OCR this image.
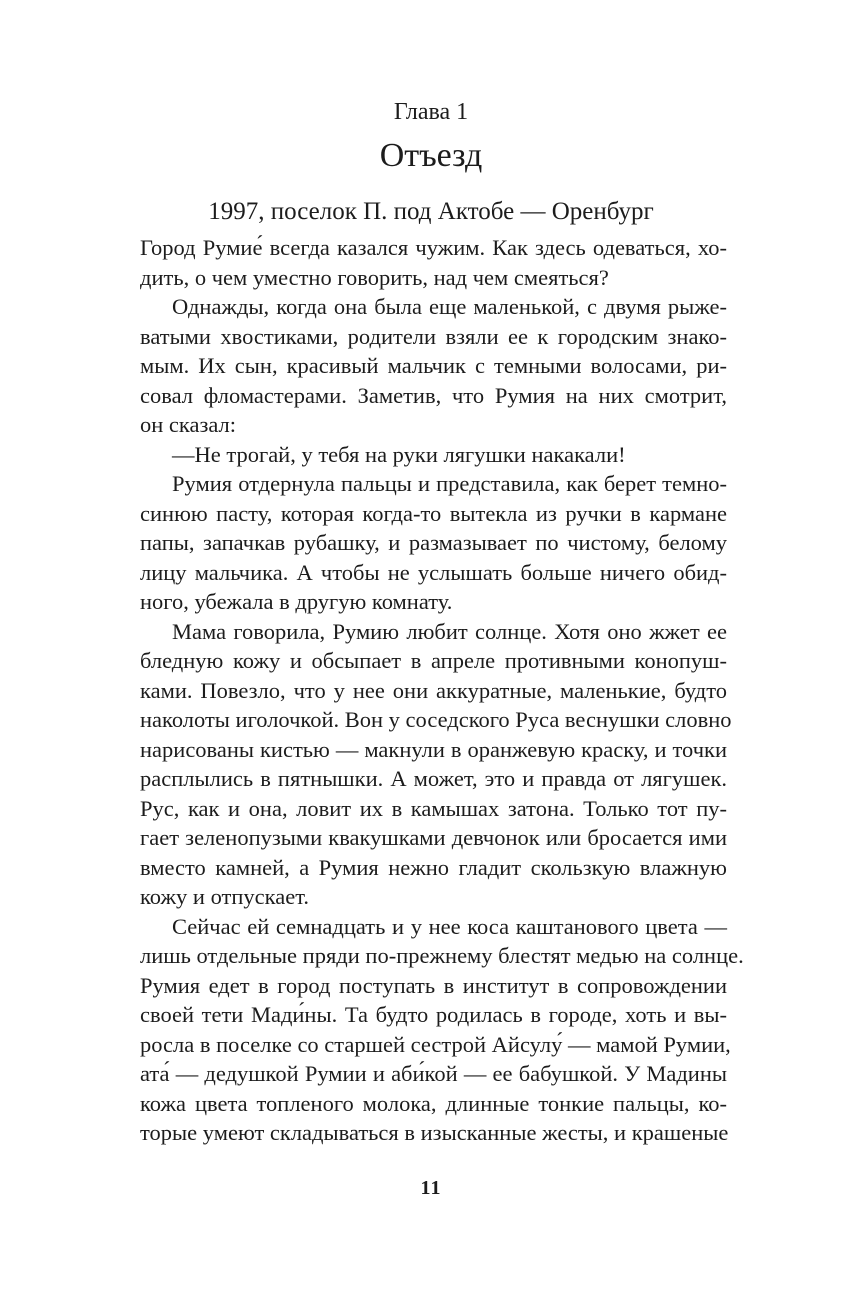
Глава 1
Отъезд
1997, поселок П. под Актобе — Оренбург
Город Румие́ всегда казался чужим. Как здесь одеваться, хо-
дить, о чем уместно говорить, над чем смеяться?
Однажды, когда она была еще маленькой, с двумя рыже-
ватыми хвостиками, родители взяли ее к городским знако-
мым. Их сын, красивый мальчик с темными волосами, ри-
совал фломастерами. Заметив, что Румия на них смотрит,
он сказал:
—Не трогай, у тебя на руки лягушки накакали!
Румия отдернула пальцы и представила, как берет темно-
синюю пасту, которая когда-то вытекла из ручки в кармане
папы, запачкав рубашку, и размазывает по чистому, белому
лицу мальчика. А чтобы не услышать больше ничего обид-
ного, убежала в другую комнату.
Мама говорила, Румию любит солнце. Хотя оно жжет ее
бледную кожу и обсыпает в апреле противными конопуш-
ками. Повезло, что у нее они аккуратные, маленькие, будто
наколоты иголочкой. Вон у соседского Руса веснушки словно
нарисованы кистью — макнули в оранжевую краску, и точки
расплылись в пятнышки. А может, это и правда от лягушек.
Рус, как и она, ловит их в камышах затона. Только тот пу-
гает зеленопузыми квакушками девчонок или бросается ими
вместо камней, а Румия нежно гладит скользкую влажную
кожу и отпускает.
Сейчас ей семнадцать и у нее коса каштанового цвета —
лишь отдельные пряди по-прежнему блестят медью на солнце.
Румия едет в город поступать в институт в сопровождении
своей тети Мади́ны. Та будто родилась в городе, хоть и вы-
росла в поселке со старшей сестрой Айсулу́ — мамой Румии,
ата́ — дедушкой Румии и аби́кой — ее бабушкой. У Мадины
кожа цвета топленого молока, длинные тонкие пальцы, ко-
торые умеют складываться в изысканные жесты, и крашеные
11
